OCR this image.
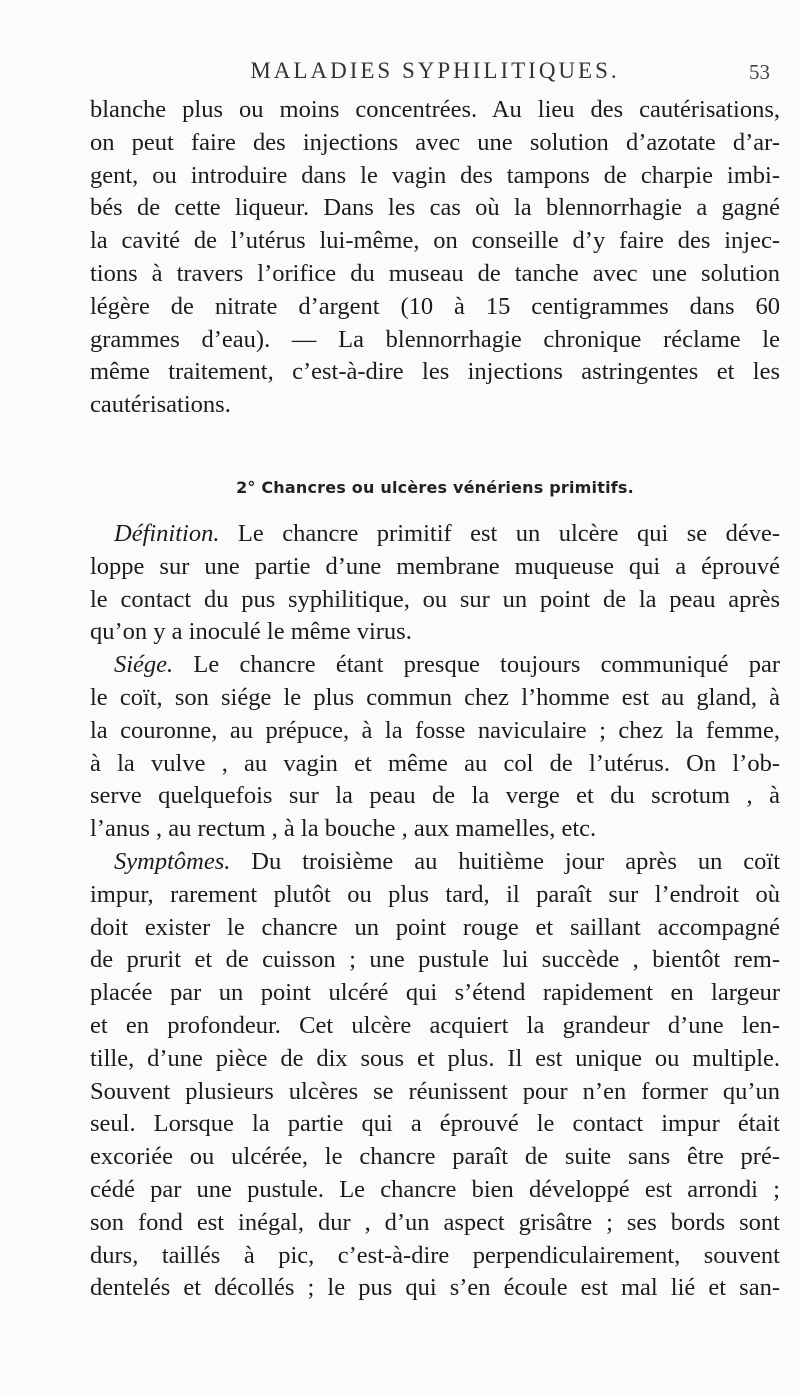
MALADIES SYPHILITIQUES.	53
blanche plus ou moins concentrées. Au lieu des cautérisations,
on peut faire des injections avec une solution d’azotate d’ar-
gent, ou introduire dans le vagin des tampons de charpie imbi-
bés de cette liqueur. Dans les cas où la blennorrhagie a gagné
la cavité de l’utérus lui-même, on conseille d’y faire des injec-
tions à travers l’orifice du museau de tanche avec une solution
légère de nitrate d’argent (10 à 15 centigrammes dans 60
grammes d’eau). — La blennorrhagie chronique réclame le
même traitement, c’est-à-dire les injections astringentes et les
cautérisations.
2° Chancres ou ulcères vénériens primitifs.
Définition. Le chancre primitif est un ulcère qui se déve-
loppe sur une partie d’une membrane muqueuse qui a éprouvé
le contact du pus syphilitique, ou sur un point de la peau après
qu’on y a inoculé le même virus.
Siége. Le chancre étant presque toujours communiqué par
le coït, son siége le plus commun chez l’homme est au gland, à
la couronne, au prépuce, à la fosse naviculaire ; chez la femme,
à la vulve , au vagin et même au col de l’utérus. On l’ob-
serve quelquefois sur la peau de la verge et du scrotum , à
l’anus , au rectum , à la bouche , aux mamelles, etc.
Symptômes. Du troisième au huitième jour après un coït
impur, rarement plutôt ou plus tard, il paraît sur l’endroit où
doit exister le chancre un point rouge et saillant accompagné
de prurit et de cuisson ; une pustule lui succède , bientôt rem-
placée par un point ulcéré qui s’étend rapidement en largeur
et en profondeur. Cet ulcère acquiert la grandeur d’une len-
tille, d’une pièce de dix sous et plus. Il est unique ou multiple.
Souvent plusieurs ulcères se réunissent pour n’en former qu’un
seul. Lorsque la partie qui a éprouvé le contact impur était
excoriée ou ulcérée, le chancre paraît de suite sans être pré-
cédé par une pustule. Le chancre bien développé est arrondi ;
son fond est inégal, dur , d’un aspect grisâtre ; ses bords sont
durs, taillés à pic, c’est-à-dire perpendiculairement, souvent
dentelés et décollés ; le pus qui s’en écoule est mal lié et san-
